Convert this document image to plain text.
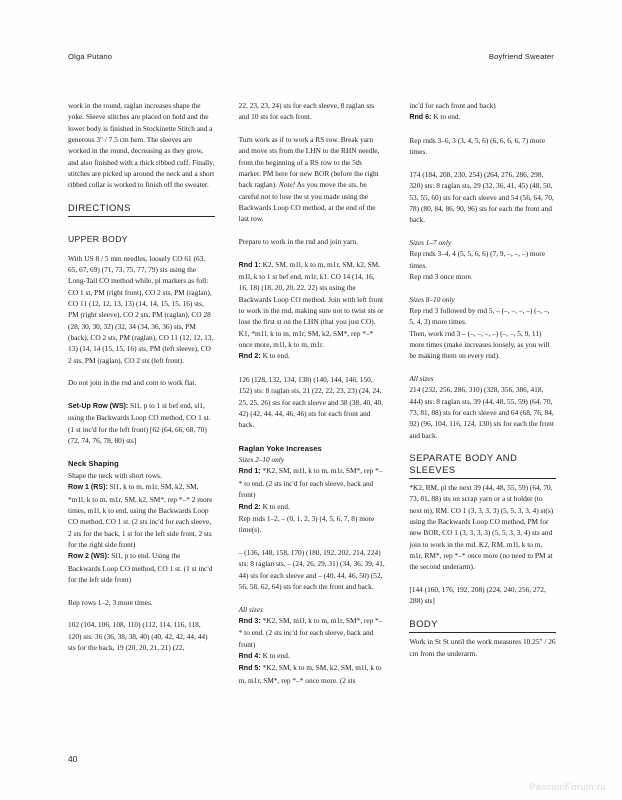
Olga Putano	Boyfriend Sweater

work in the round, raglan increases shape the yoke. Sleeve stitches are placed on hold and the lower body is finished in Stockinette Stitch and a generous 3" / 7.5 cm hem. The sleeves are worked in the round, decreasing as they grow, and also finished with a thick ribbed cuff. Finally, stitches are picked up around the neck and a short ribbed collar is worked to finish off the sweater.

DIRECTIONS
UPPER BODY

With US 8 / 5 mm needles, loosely CO 61 (63, 65, 67, 69) (71, 73, 75, 77, 79) sts using the Long-Tail CO method while, pl markers as foll: CO 1 st, PM (right front), CO 2 sts, PM (raglan), CO 11 (12, 12, 13, 13) (14, 14, 15, 15, 16) sts, PM (right sleeve), CO 2 sts, PM (raglan), CO 28 (28, 30, 30, 32) (32, 34 (34, 36, 36) sts, PM (back), CO 2 sts, PM (raglan), CO 11 (12, 12, 13, 13) (14, 14 (15, 15, 16) sts, PM (left sleeve), CO 2 sts, PM (raglan), CO 2 sts (left front).

Do not join in the rnd and cont to work flat.

Set-Up Row (WS): Sl1, p to 1 st bef end, sl1, using the Backwards Loop CO method, CO 1 st. (1 st inc'd for the left front) [62 (64, 66, 68, 70) (72, 74, 76, 78, 80) sts]

Neck Shaping

Shape the neck with short rows.

Row 1 (RS): Sl1, k to m, m1r, SM, k2, SM, *m1l, k to m, m1r, SM, k2, SM*, rep *–* 2 more times, m1l, k to end, using the Backwards Loop CO method, CO 1 st. (2 sts inc'd for each sleeve, 2 sts for the back, 1 st for the left side front, 2 sts for the right side front)

Row 2 (WS): Sl1, p to end. Using the Backwards Loop CO method, CO 1 st. (1 st inc'd for the left side front)

Rep rows 1–2, 3 more times.

102 (104, 106, 108, 110) (112, 114, 116, 118, 120) sts: 36 (36, 38, 38, 40) (40, 42, 42, 44, 44) sts for the back, 19 (20, 20, 21, 21) (22,

22, 23, 23, 24) sts for each sleeve, 8 raglan sts and 10 sts for each front.

Turn work as if to work a RS row. Break yarn and move sts from the LHN to the RHN needle, from the beginning of a RS row to the 5th marker. PM here for new BOR (before the right back raglan). Note! As you move the sts, be careful not to lose the st you made using the Backwards Loop CO method, at the end of the last row.

Prepare to work in the rnd and join yarn.

Rnd 1: K2, SM, m1l, k to m, m1r, SM, k2, SM, m1l, k to 1 st bef end, m1r, k1. CO 14 (14, 16, 16, 18) (18, 20, 20, 22, 22) sts using the Backwards Loop CO method. Join with left front to work in the rnd, making sure not to twist sts or lose the first st on the LHN (that you just CO). K1, *m1l, k to m, m1r, SM, k2, SM*, rep *–* once more, m1l, k to m, m1r.

Rnd 2: K to end.

126 (128, 132, 134, 138) (140, 144, 146, 150, 152) sts: 8 raglan sts, 21 (22, 22, 23, 23) (24, 24, 25, 25, 26) sts for each sleeve and 38 (38, 40, 40, 42) (42, 44, 44, 46, 46) sts for each front and back.

Raglan Yoke Increases

Sizes 2–10 only

Rnd 1: *K2, SM, m1l, k to m, m1r, SM*, rep *–* to end. (2 sts inc'd for each sleeve, back and front)

Rnd 2: K to end.

Rep rnds 1–2, – (0, 1, 2, 3) (4, 5, 6, 7, 8) more time(s).

– (136, 148, 158, 170) (180, 192, 202, 214, 224) sts: 8 raglan sts, – (24, 26, 29, 31) (34, 36, 39, 41, 44) sts for each sleeve and – (40, 44, 46, 50) (52, 56, 58, 62, 64) sts for each the front and back.

All sizes

Rnd 3: *K2, SM, m1l, k to m, m1r, SM*, rep *–* to end. (2 sts inc'd for each sleeve, back and front)

Rnd 4: K to end.

Rnd 5: *K2, SM, k to m, SM, k2, SM, m1l, k to m, m1r, SM*, rep *–* once more. (2 sts

inc'd for each front and back)

Rnd 6: K to end.

Rep rnds 3–6, 3 (3, 4, 5, 6) (6, 6, 6, 6, 7) more times.

174 (184, 208, 230, 254) (264, 276, 286, 298, 320) sts: 8 raglan sts, 29 (32, 36, 41, 45) (48, 50, 53, 55, 60) sts for each sleeve and 54 (56, 64, 70, 78) (80, 84, 86, 90, 96) sts for each the front and back.

Sizes 1–7 only

Rep rnds 3–4, 4 (5, 5, 6, 6) (7, 9, –, –, –) more times.

Rep rnd 3 once more.

Sizes 8–10 only

Rep rnd 3 followed by rnd 5, – (–, –, –, –) (–, –, 5, 4, 3) more times.

Then, work rnd 3 – (–, –, –, –) (–, –, 5, 9, 11) more times (make increases loosely, as you will be making them on every rnd).

All sizes

214 (232, 256, 286, 310) (328, 356, 386, 418, 444) sts: 8 raglan sts, 39 (44, 48, 55, 59) (64, 70, 73, 81, 88) sts for each sleeve and 64 (68, 76, 84, 92) (96, 104, 116, 124, 130) sts for each the front and back.

SEPARATE BODY AND SLEEVES

*K2, RM, pl the next 39 (44, 48, 55, 59) (64, 70, 73, 81, 88) sts on scrap yarn or a st holder (to next m), RM. CO 1 (3, 3, 3, 3) (5, 5, 3, 3, 4) st(s) using the Backwards Loop CO method, PM for new BOR, CO 1 (3, 3, 3, 3) (5, 5, 3, 3, 4) sts and join to work in the rnd. K2, RM, m1l, k to m, m1r, RM*, rep *–* once more (no need to PM at the second underarm).

[144 (160, 176, 192, 208) (224, 240, 256, 272, 288) sts]

BODY

Work in St St until the work measures 10.25" / 26 cm from the underarm.

40
PassionForum.ru
